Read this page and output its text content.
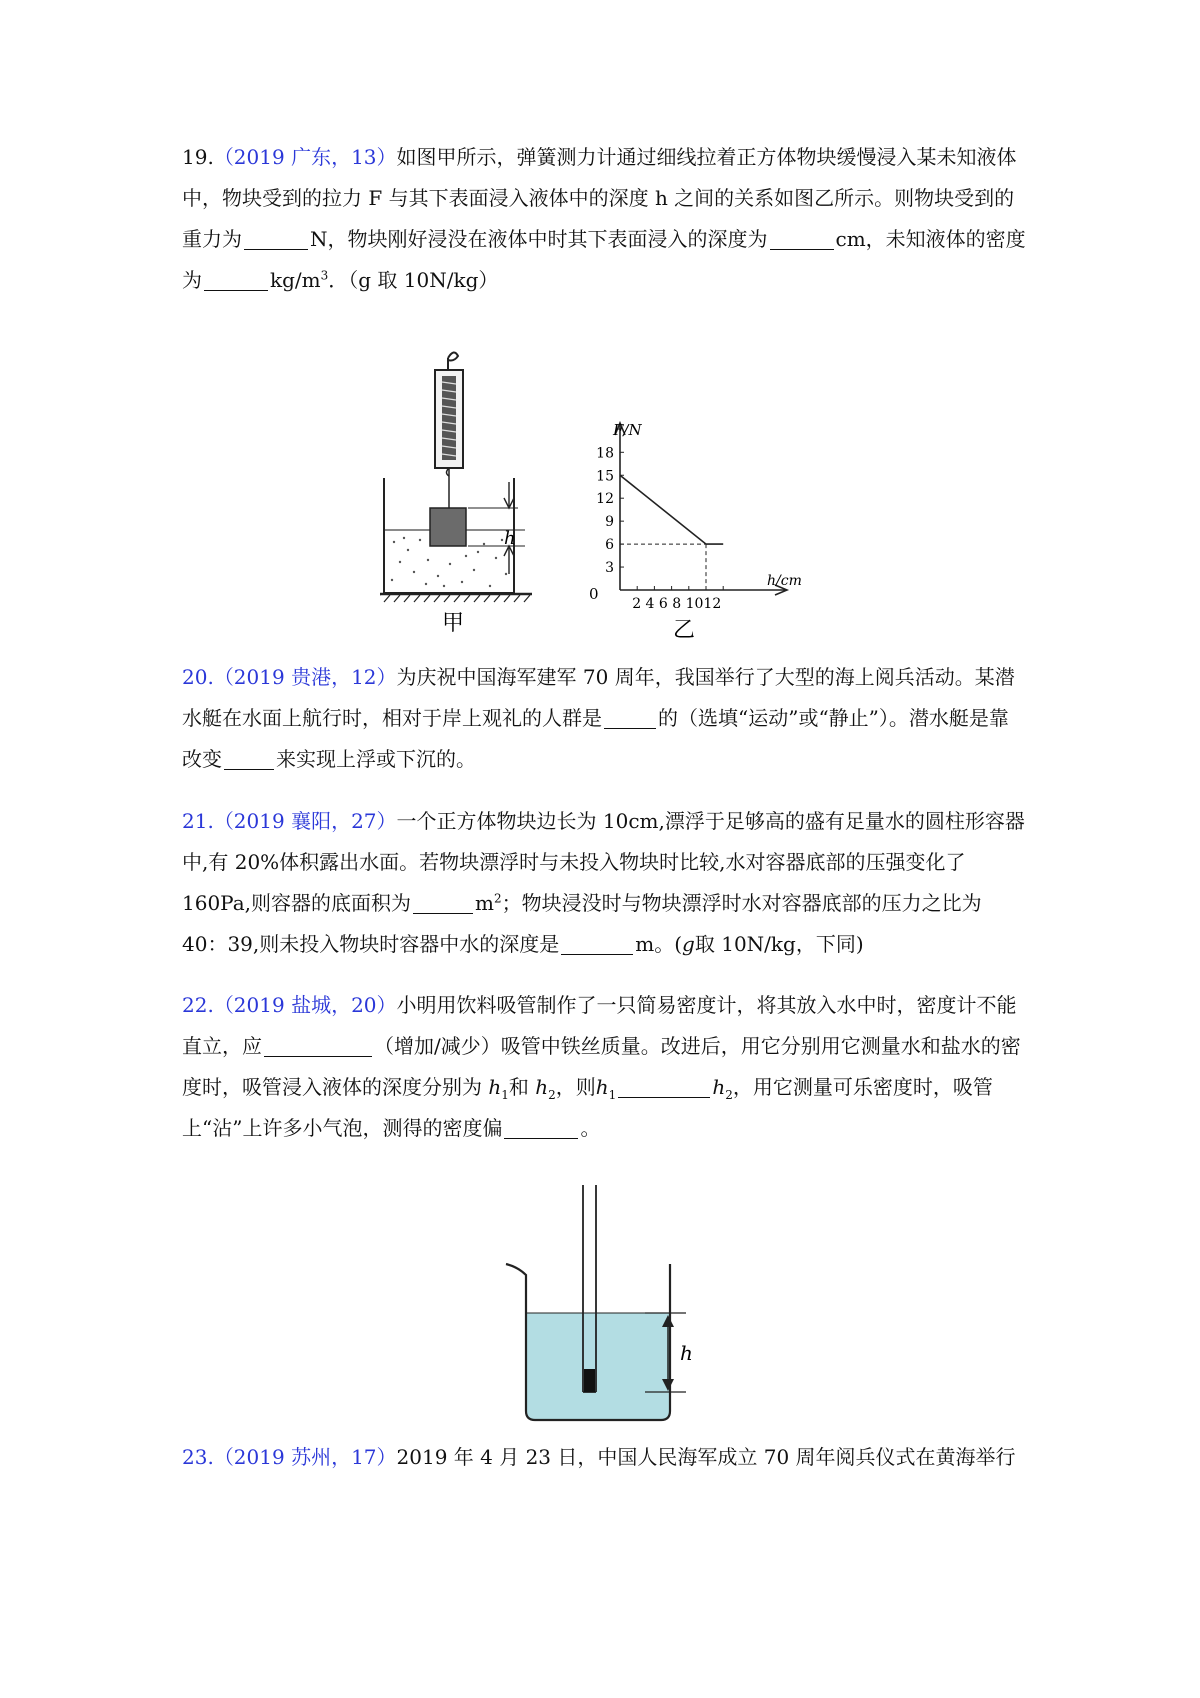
19.（2019 广东，13）如图甲所示，弹簧测力计通过细线拉着正方体物块缓慢浸入某未知液体中，物块受到的拉力 F 与其下表面浸入液体中的深度 h 之间的关系如图乙所示。则物块受到的重力为	N，物块刚好浸没在液体中时其下表面浸入的深度为	cm，未知液体的密度为	$kg/m^3$．（g 取 10N/kg）
h
甲
3
6
9
12
15
18
2 4 6 8 1012
F/N
h/cm
0
乙
20.（2019 贵港，12）为庆祝中国海军建军 70 周年，我国举行了大型的海上阅兵活动。某潜水艇在水面上航行时，相对于岸上观礼的人群是	的（选填“运动”或“静止”）。潜水艇是靠改变	来实现上浮或下沉的。
21.（2019 襄阳，27）一个正方体物块边长为 10cm,漂浮于足够高的盛有足量水的圆柱形容器中,有 20%体积露出水面。若物块漂浮时与未投入物块时比较,水对容器底部的压强变化了 160Pa,则容器的底面积为	$m^2$；物块浸没时与物块漂浮时水对容器底部的压力之比为 40：39,则未投入物块时容器中水的深度是	m。(g取 10N/kg，下同)
22.（2019 盐城，20）小明用饮料吸管制作了一只简易密度计，将其放入水中时，密度计不能直立，应	（增加/减少）吸管中铁丝质量。改进后，用它分别用它测量水和盐水的密度时，吸管浸入液体的深度分别为 $h_1$和 $h_2$，则$h_1$	$h_2$，用它测量可乐密度时，吸管上“沾”上许多小气泡，测得的密度偏	。
h
23.（2019 苏州，17）2019 年 4 月 23 日，中国人民海军成立 70 周年阅兵仪式在黄海举行
